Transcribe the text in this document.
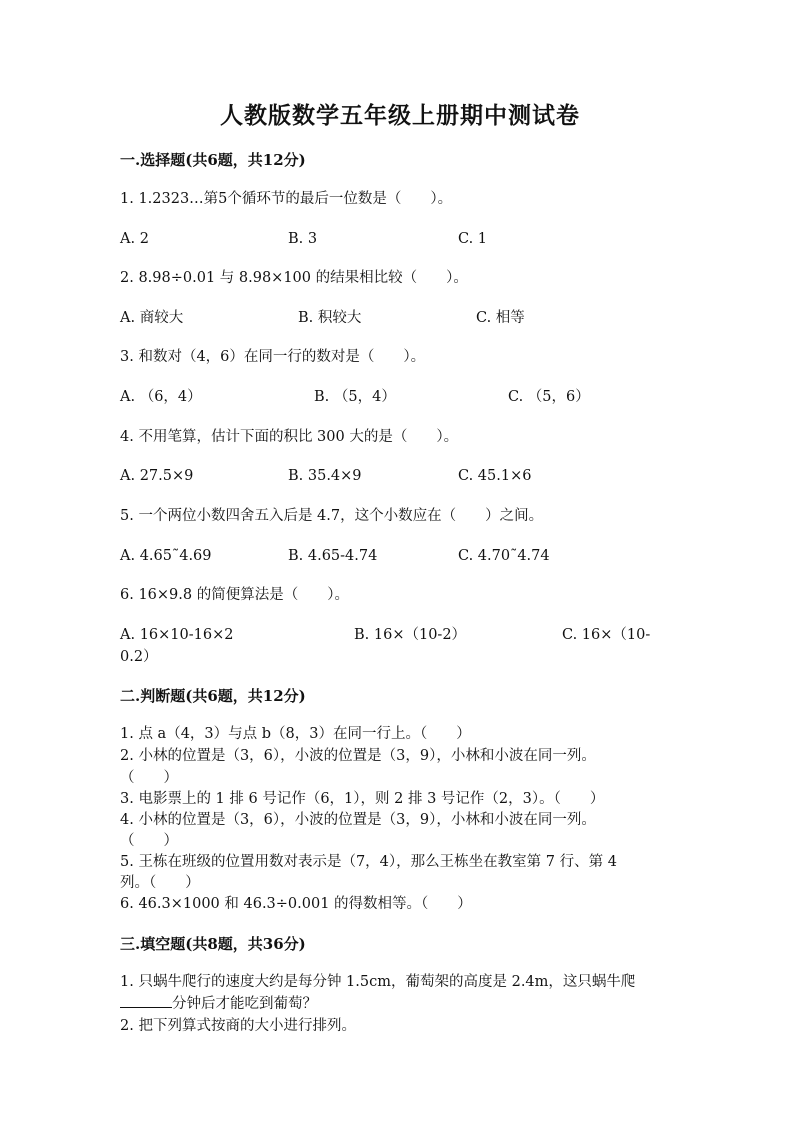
人教版数学五年级上册期中测试卷
一.选择题(共6题，共12分)
1. 1.2323…第5个循环节的最后一位数是（　　）。
A. 2	B. 3	C. 1
2. 8.98÷0.01 与 8.98×100 的结果相比较（　　）。
A. 商较大	B. 积较大	C. 相等
3. 和数对（4，6）在同一行的数对是（　　）。
A. （6，4）	B. （5，4）	C. （5，6）
4. 不用笔算，估计下面的积比 300 大的是（　　）。
A. 27.5×9	B. 35.4×9	C. 45.1×6
5. 一个两位小数四舍五入后是 4.7，这个小数应在（　　）之间。
A. 4.65˜4.69	B. 4.65-4.74	C. 4.70˜4.74
6. 16×9.8 的简便算法是（　　）。
A. 16×10-16×2	B. 16×（10-2）	C. 16×（10-
0.2）
二.判断题(共6题，共12分)
1. 点 a（4，3）与点 b（8，3）在同一行上。（　　）
2. 小林的位置是（3，6），小波的位置是（3，9），小林和小波在同一列。
（　　）
3. 电影票上的 1 排 6 号记作（6，1），则 2 排 3 号记作（2，3）。（　　）
4. 小林的位置是（3，6），小波的位置是（3，9），小林和小波在同一列。
（　　）
5. 王栋在班级的位置用数对表示是（7，4），那么王栋坐在教室第 7 行、第 4
列。（　　）
6. 46.3×1000 和 46.3÷0.001 的得数相等。（　　）
三.填空题(共8题，共36分)
1. 只蜗牛爬行的速度大约是每分钟 1.5cm，葡萄架的高度是 2.4m，这只蜗牛爬
分钟后才能吃到葡萄？
2. 把下列算式按商的大小进行排列。
